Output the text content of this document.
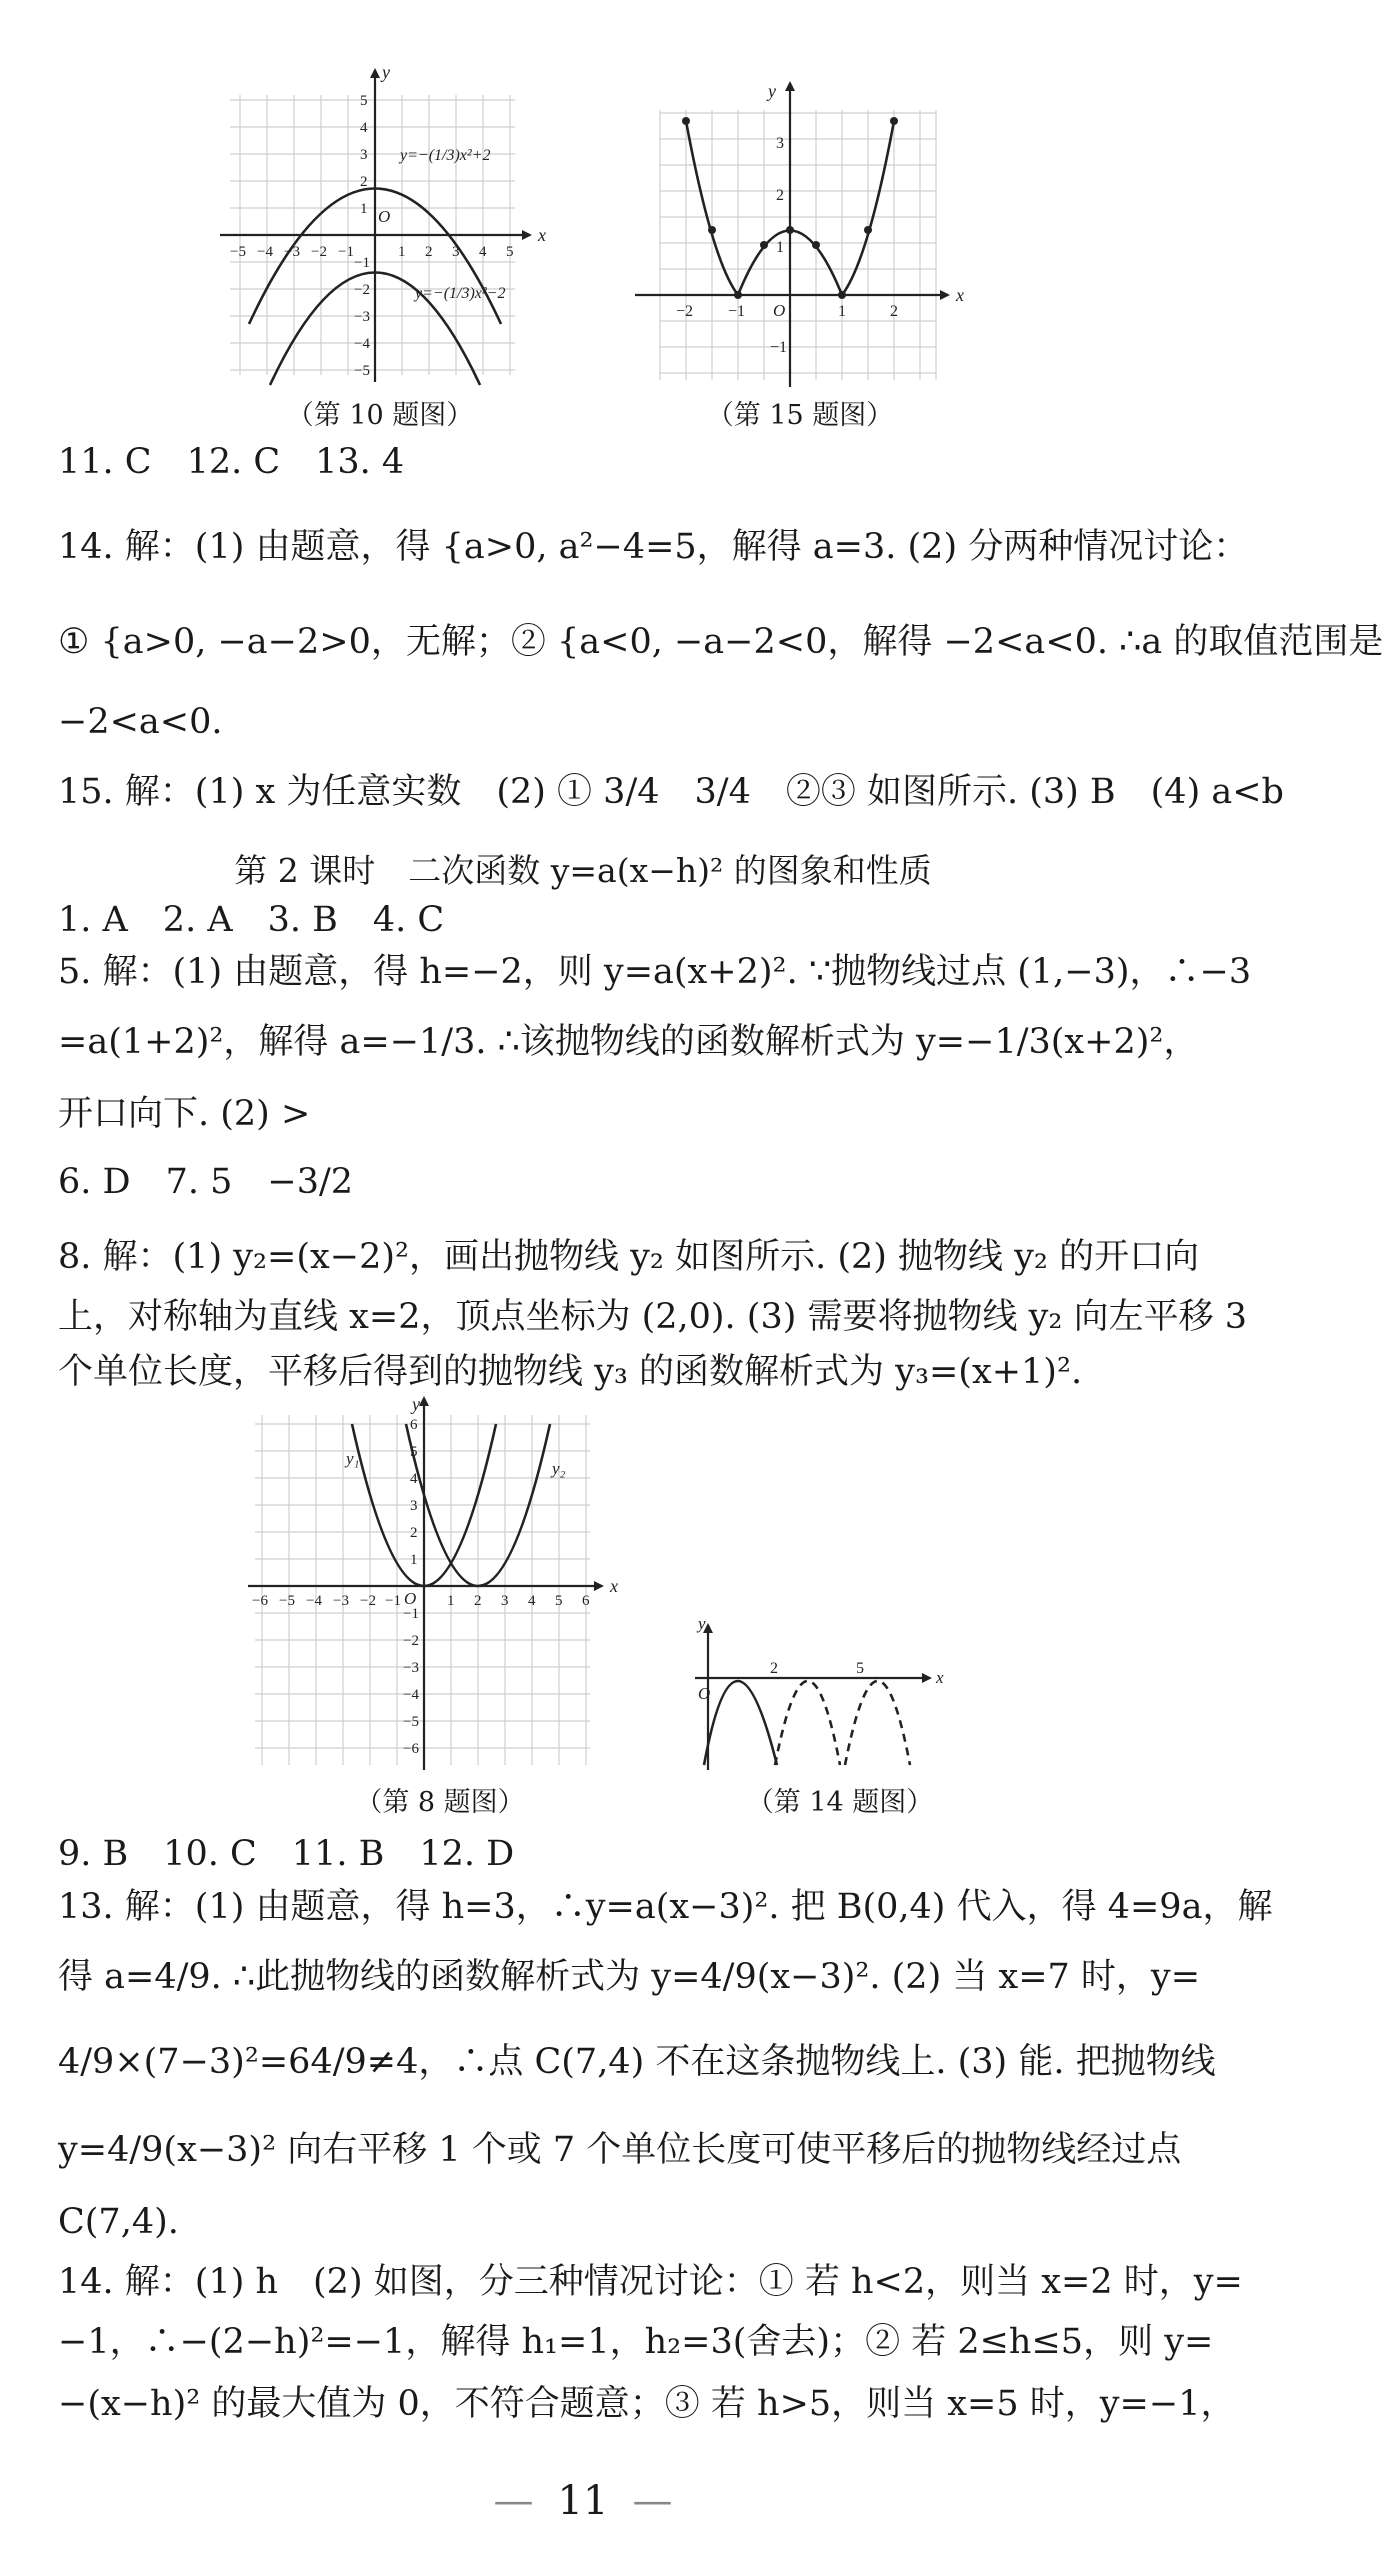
x
y
O
−5 −4 −3 −2 −1	1 2 3 4 5
5
4
3
2
1
−1
−2
−3
−4
−5
y=−(1/3)x²+2
y=−(1/3)x²−2
（第 10 题图）
x
y
O
−2 −1	1	2
3
2
1
−1
（第 15 题图）
11. C　12. C　13. 4
14. 解：(1) 由题意，得 {a>0, a²−4=5，解得 a=3. (2) 分两种情况讨论：
① {a>0, −a−2>0，无解；② {a<0, −a−2<0，解得 −2<a<0. ∴a 的取值范围是
−2<a<0.
15. 解：(1) x 为任意实数　(2) ① 3/4　3/4　②③ 如图所示. (3) B　(4) a<b
第 2 课时　二次函数 y=a(x−h)² 的图象和性质
1. A　2. A　3. B　4. C
5. 解：(1) 由题意，得 h=−2，则 y=a(x+2)². ∵抛物线过点 (1,−3)，∴−3
=a(1+2)²，解得 a=−1/3. ∴该抛物线的函数解析式为 y=−1/3(x+2)²，
开口向下. (2) >
6. D　7. 5　−3/2
8. 解：(1) y₂=(x−2)²，画出抛物线 y₂ 如图所示. (2) 抛物线 y₂ 的开口向
上，对称轴为直线 x=2，顶点坐标为 (2,0). (3) 需要将抛物线 y₂ 向左平移 3
个单位长度，平移后得到的抛物线 y₃ 的函数解析式为 y₃=(x+1)².
x
y
O
−6 −5 −4 −3 −2 −1	1 2 3 4 5 6
6
5
4
3
2
1
−1
−2
−3
−4
−5
−6
y₁
y₂
（第 8 题图）
x
y
O
2	5
（第 14 题图）
9. B　10. C　11. B　12. D
13. 解：(1) 由题意，得 h=3，∴y=a(x−3)². 把 B(0,4) 代入，得 4=9a，解
得 a=4/9. ∴此抛物线的函数解析式为 y=4/9(x−3)². (2) 当 x=7 时，y=
4/9×(7−3)²=64/9≠4，∴点 C(7,4) 不在这条抛物线上. (3) 能. 把抛物线
y=4/9(x−3)² 向右平移 1 个或 7 个单位长度可使平移后的抛物线经过点
C(7,4).
14. 解：(1) h　(2) 如图，分三种情况讨论：① 若 h<2，则当 x=2 时，y=
−1，∴−(2−h)²=−1，解得 h₁=1，h₂=3(舍去)；② 若 2≤h≤5，则 y=
−(x−h)² 的最大值为 0，不符合题意；③ 若 h>5，则当 x=5 时，y=−1，
— 11 —
